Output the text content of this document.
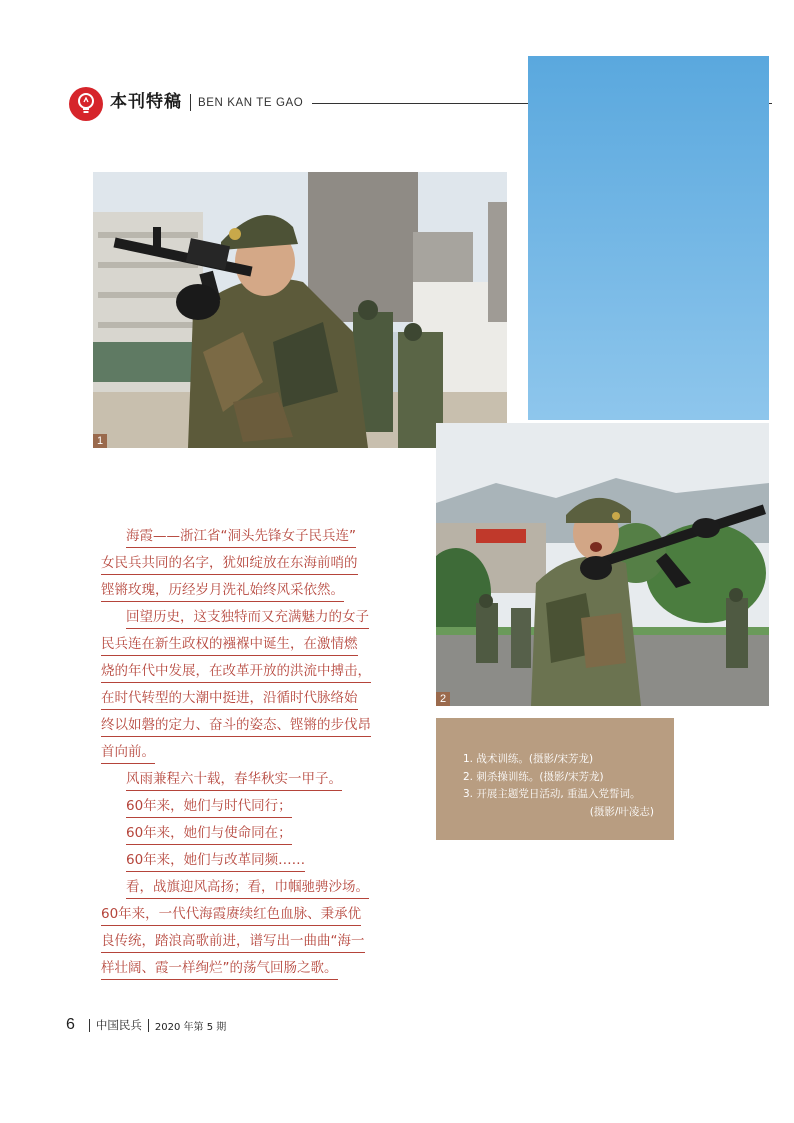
本刊特稿 BEN KAN TE GAO
1
2
1. 战术训练。(摄影/宋芳龙)
2. 刺杀操训练。(摄影/宋芳龙)
3. 开展主题党日活动, 重温入党誓词。
(摄影/叶凌志)
海霞——浙江省“洞头先锋女子民兵连”
女民兵共同的名字，犹如绽放在东海前哨的
铿锵玫瑰，历经岁月洗礼始终风采依然。
回望历史，这支独特而又充满魅力的女子
民兵连在新生政权的襁褓中诞生，在激情燃
烧的年代中发展，在改革开放的洪流中搏击，
在时代转型的大潮中挺进，沿循时代脉络始
终以如磐的定力、奋斗的姿态、铿锵的步伐昂
首向前。
风雨兼程六十载，春华秋实一甲子。
60年来，她们与时代同行；
60年来，她们与使命同在；
60年来，她们与改革同频……
看，战旗迎风高扬；看，巾帼驰骋沙场。
60年来，一代代海霞赓续红色血脉、秉承优
良传统，踏浪高歌前进，谱写出一曲曲“海一
样壮阔、霞一样绚烂”的荡气回肠之歌。
6 中国民兵 2020 年第 5 期
